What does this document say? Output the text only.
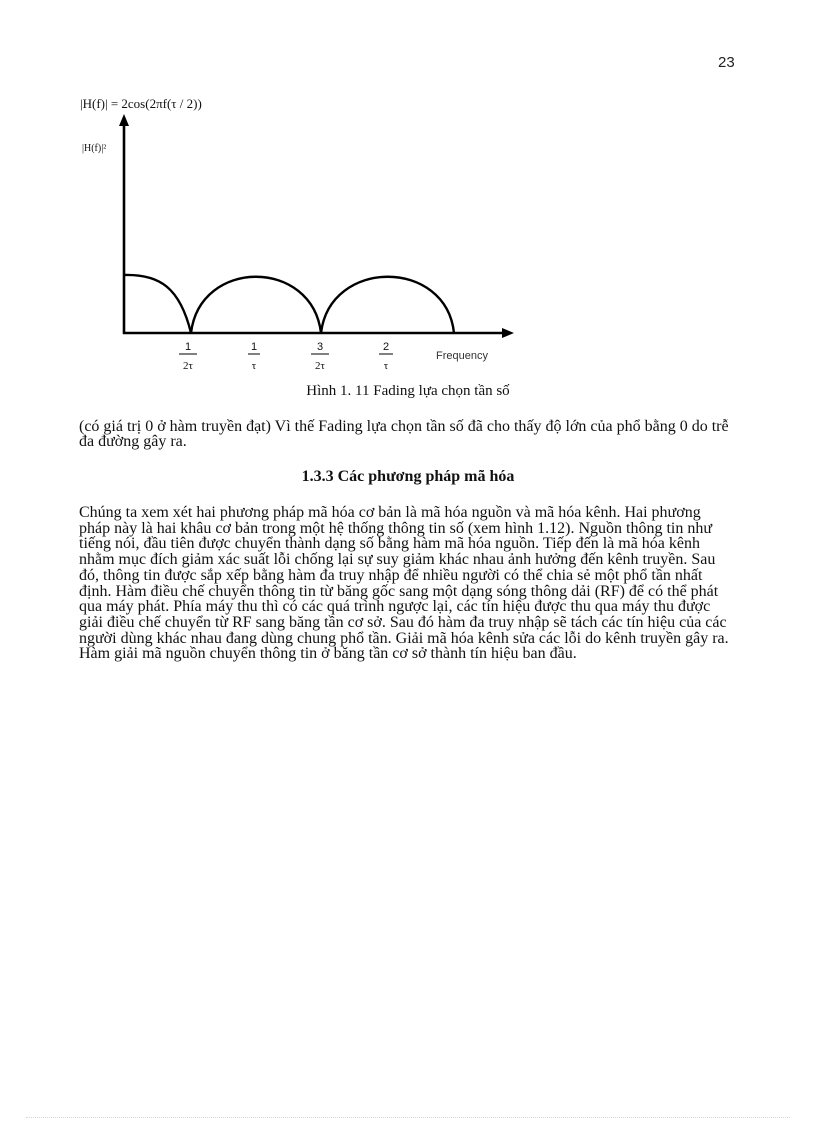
23
|H(f)| = 2cos(2πf(τ / 2))
|H(f)|²
1
2τ
1
τ
3
2τ
2
τ
Frequency
Hình 1. 11 Fading lựa chọn tần số
(có giá trị 0 ở hàm truyền đạt) Vì thế Fading lựa chọn tần số đã cho thấy độ lớn của phổ bằng 0 do trễ đa đường gây ra.
1.3.3 Các phương pháp mã hóa
Chúng ta xem xét hai phương pháp mã hóa cơ bản là mã hóa nguồn và mã hóa kênh. Hai phương pháp này là hai khâu cơ bản trong một hệ thống thông tin số (xem hình 1.12). Nguồn thông tin như tiếng nói, đầu tiên được chuyển thành dạng số bằng hàm mã hóa nguồn. Tiếp đến là mã hóa kênh nhằm mục đích giảm xác suất lỗi chống lại sự suy giảm khác nhau ảnh hưởng đến kênh truyền. Sau đó, thông tin được sắp xếp bằng hàm đa truy nhập để nhiều người có thể chia sẻ một phổ tần nhất định. Hàm điều chế chuyển thông tin từ băng gốc sang một dạng sóng thông dải (RF) để có thể phát qua máy phát. Phía máy thu thì có các quá trình ngược lại, các tín hiệu được thu qua máy thu được giải điều chế chuyển từ RF sang băng tần cơ sở. Sau đó hàm đa truy nhập sẽ tách các tín hiệu của các người dùng khác nhau đang dùng chung phổ tần. Giải mã hóa kênh sửa các lỗi do kênh truyền gây ra. Hàm giải mã nguồn chuyển thông tin ở băng tần cơ sở thành tín hiệu ban đầu.
